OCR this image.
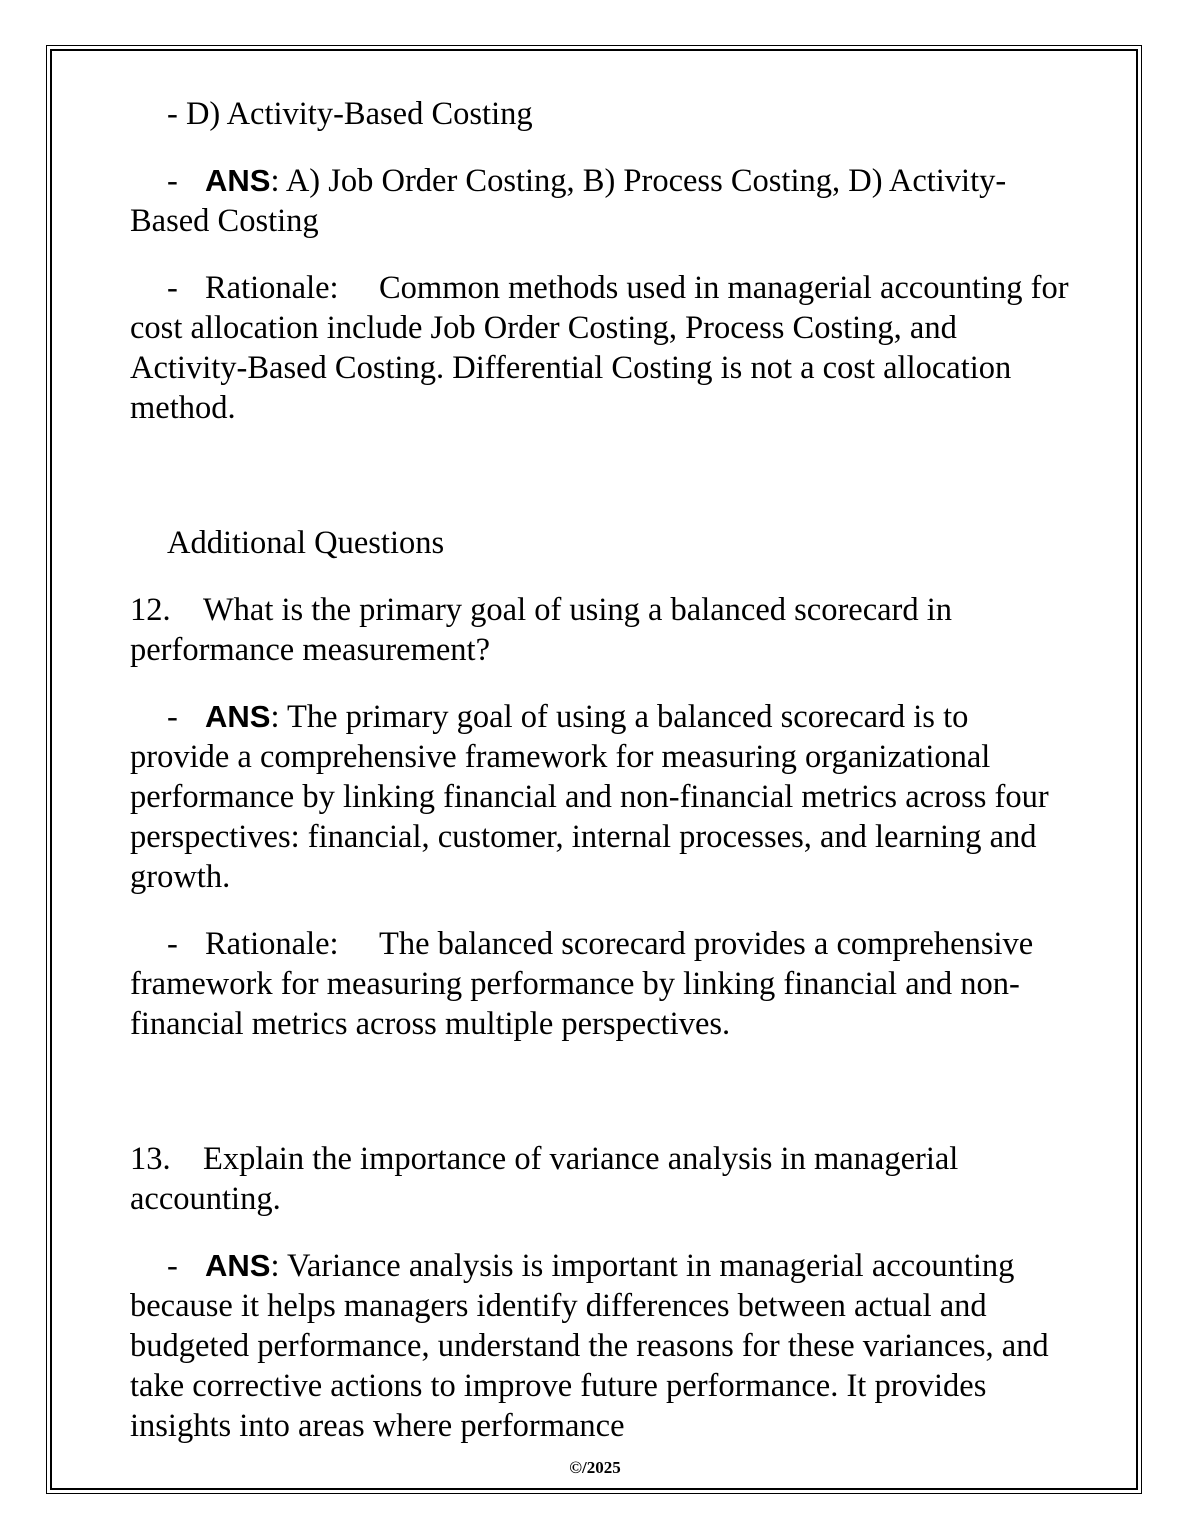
- D) Activity-Based Costing

- ANS: A) Job Order Costing, B) Process Costing, D) Activity-Based Costing

- Rationale: Common methods used in managerial accounting for cost allocation include Job Order Costing, Process Costing, and Activity-Based Costing. Differential Costing is not a cost allocation method.

Additional Questions

12. What is the primary goal of using a balanced scorecard in performance measurement?

- ANS: The primary goal of using a balanced scorecard is to provide a comprehensive framework for measuring organizational performance by linking financial and non-financial metrics across four perspectives: financial, customer, internal processes, and learning and growth.

- Rationale: The balanced scorecard provides a comprehensive framework for measuring performance by linking financial and non-financial metrics across multiple perspectives.

13. Explain the importance of variance analysis in managerial accounting.

- ANS: Variance analysis is important in managerial accounting because it helps managers identify differences between actual and budgeted performance, understand the reasons for these variances, and take corrective actions to improve future performance. It provides insights into areas where performance

©/2025
